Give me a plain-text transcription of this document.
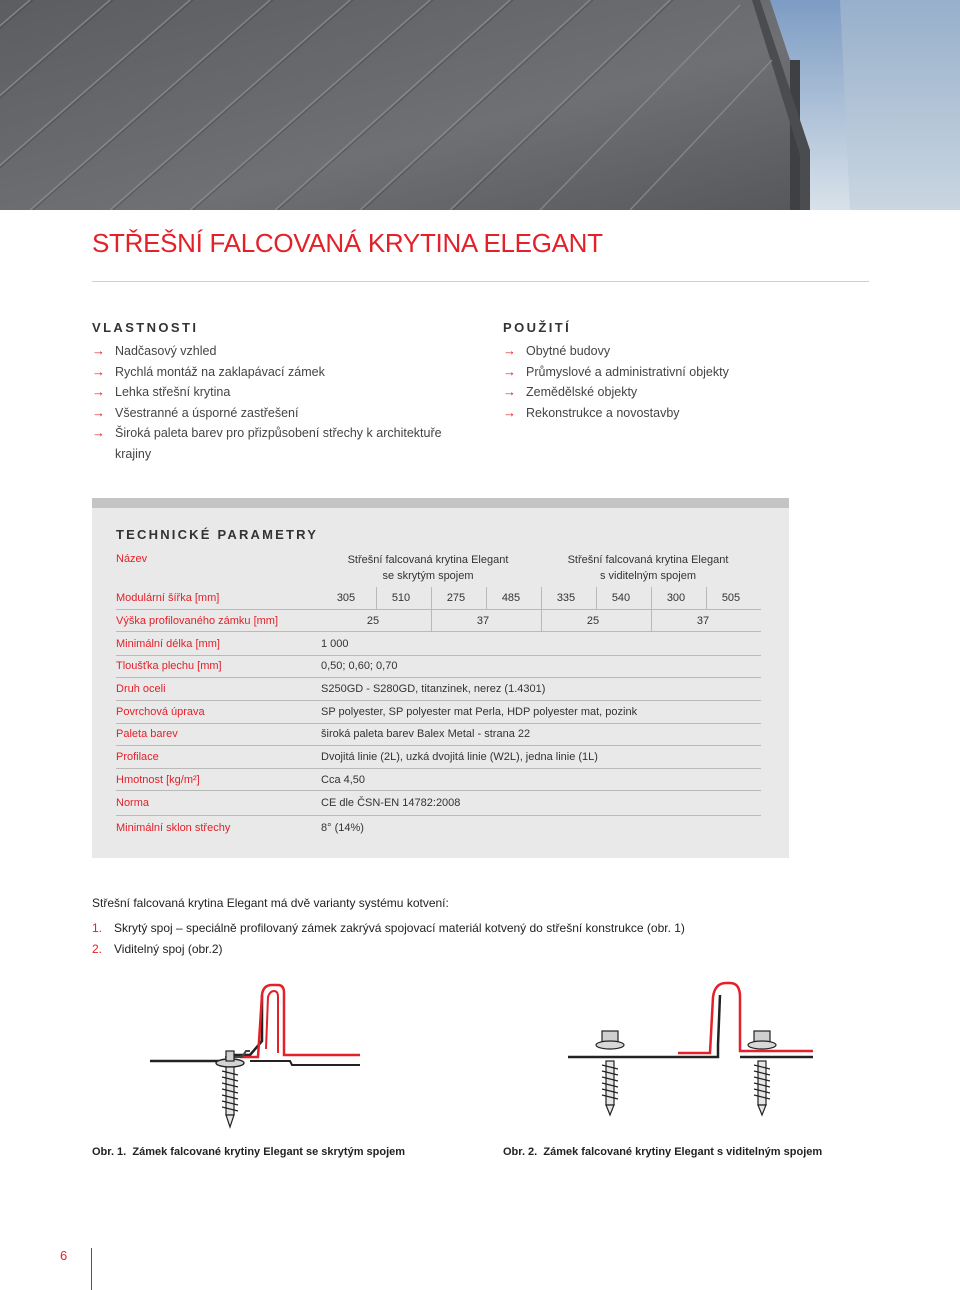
STŘEŠNÍ FALCOVANÁ KRYTINA ELEGANT
VLASTNOSTI
→ Nadčasový vzhled
→ Rychlá montáž na zaklapávací zámek
→ Lehka střešní krytina
→ Všestranné a úsporné zastřešení
→ Široká paleta barev pro přizpůsobení střechy k architektuře krajiny
POUŽITÍ
→ Obytné budovy
→ Průmyslové a administrativní objekty
→ Zemědělské objekty
→ Rekonstrukce a novostavby
TECHNICKÉ PARAMETRY
Název	Střešní falcovaná krytina Elegant
se skrytým spojem
Střešní falcovaná krytina Elegant
s viditelným spojem
Modulární šířka [mm]	305	510	275	485	335	540	300	505
Výška profilovaného zámku [mm]	25	37	25	37
Minimální délka [mm]	1 000
Tloušťka plechu [mm]	0,50; 0,60; 0,70
Druh oceli	S250GD - S280GD, titanzinek, nerez (1.4301)
Povrchová úprava	SP polyester, SP polyester mat Perla, HDP polyester mat, pozink
Paleta barev	široká paleta barev Balex Metal - strana 22
Profilace	Dvojitá linie (2L), uzká dvojitá linie (W2L), jedna linie (1L)
Hmotnost [kg/m²]	Cca 4,50
Norma	CE dle ČSN-EN 14782:2008
Minimální sklon střechy	8° (14%)
Střešní falcovaná krytina Elegant má dvě varianty systému kotvení:
1. Skrytý spoj – speciálně profilovaný zámek zakrývá spojovací materiál kotvený do střešní konstrukce (obr. 1)
2. Viditelný spoj (obr.2)
Obr. 1. Zámek falcované krytiny Elegant se skrytým spojem	Obr. 2. Zámek falcované krytiny Elegant s viditelným spojem
6
